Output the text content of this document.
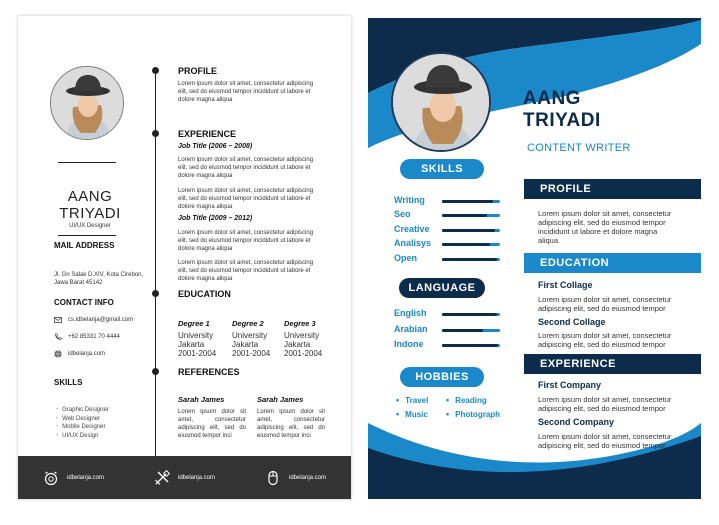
AANG TRIYADI
UI/UX Designer
MAIL ADDRESS
Jl. Gn Salak D.XIV, Kota Cirebon, Jawa Barat 45142
CONTACT INFO
cs.idbelanja@gmail.com
+62 85331 70 4444
idbelanja.com
SKILLS
• Graphic Designer
• Web Designer
• Mobile Designer
• UI/UX Design
PROFILE
Lorem ipsum dolor sit amet, consectetur adipiscing elit, sed do eiusmod tempor incididunt ut labore et dolore magna aliqua
EXPERIENCE
Job Title (2006 – 2008)
Lorem ipsum dolor sit amet, consectetur adipiscing elit, sed do eiusmod tempor incididunt ut labore et dolore magna aliqua
Lorem ipsum dolor sit amet, consectetur adipiscing elit, sed do eiusmod tempor incididunt ut labore et dolore magna aliqua
Job Title (2009 – 2012)
Lorem ipsum dolor sit amet, consectetur adipiscing elit, sed do eiusmod tempor incididunt ut labore et dolore magna aliqua
Lorem ipsum dolor sit amet, consectetur adipiscing elit, sed do eiusmod tempor incididunt ut labore et dolore magna aliqua
EDUCATION
Degree 1
University Jakarta 2001-2004
Degree 2
University Jakarta 2001-2004
Degree 3
University Jakarta 2001-2004
REFERENCES
Sarah James
Lorem ipsum dolor sit amet, consectetur adipiscing elit, sed do eiusmod tempor inci
Sarah James
Lorem ipsum dolor sit amet, consectetur adipiscing elit, sed do eiusmod tempor inci
idbelanja.com	idbelanja.com	idbelanja.com
AANG
TRIYADI
CONTENT WRITER
SKILLS
Writing
Seo
Creative
Analisys
Open
LANGUAGE
English
Arabian
Indone
HOBBIES
• Travel	• Reading
• Music	• Photograph
PROFILE
Lorem ipsum dolor sit amet, consectetur adipiscing elit, sed do eiusmod tempor incididunt ut labore et dolore magna aliqua.
EDUCATION
First Collage
Lorem ipsum dolor sit amet, consectetur adipiscing elit, sed do eiusmod tempor
Second Collage
Lorem ipsum dolor sit amet, consectetur adipiscing elit, sed do eiusmod tempor
EXPERIENCE
First Company
Lorem ipsum dolor sit amet, consectetur adipiscing elit, sed do eiusmod tempor
Second Company
Lorem ipsum dolor sit amet, consectetur adipiscing elit, sed do eiusmod tempor
